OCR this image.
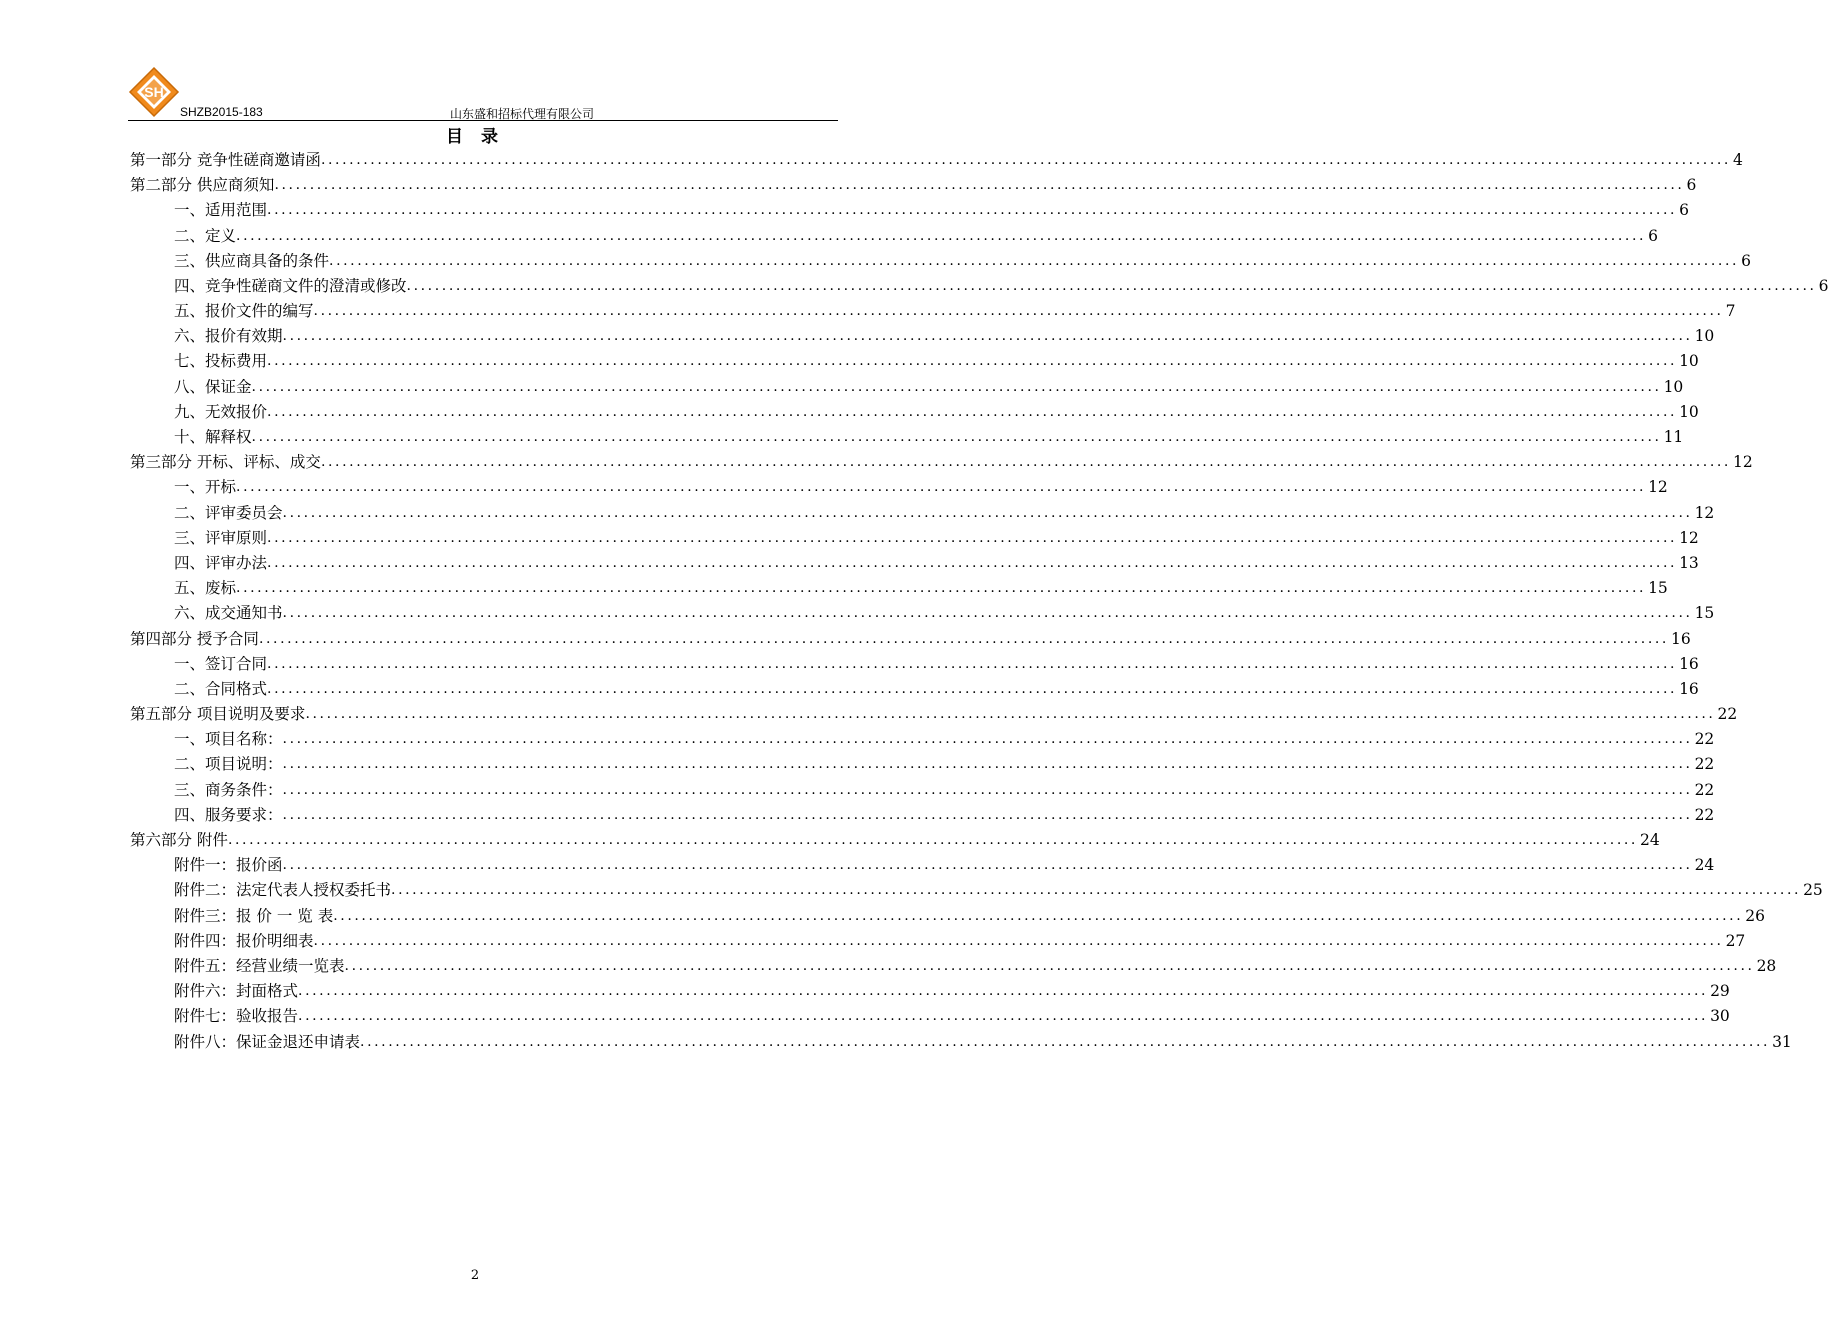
SH
SHZB2015-183	山东盛和招标代理有限公司
目 录
第一部分 竞争性磋商邀请函 ........................................................................................................................................................................................................ 4
第二部分 供应商须知 ........................................................................................................................................................................................................ 6
一、适用范围 ........................................................................................................................................................................................................ 6
二、定义 ........................................................................................................................................................................................................ 6
三、供应商具备的条件 ........................................................................................................................................................................................................ 6
四、竞争性磋商文件的澄清或修改 ........................................................................................................................................................................................................ 6
五、报价文件的编写 ........................................................................................................................................................................................................ 7
六、报价有效期 ........................................................................................................................................................................................................ 10
七、投标费用 ........................................................................................................................................................................................................ 10
八、保证金 ........................................................................................................................................................................................................ 10
九、无效报价 ........................................................................................................................................................................................................ 10
十、解释权 ........................................................................................................................................................................................................ 11
第三部分 开标、评标、成交 ........................................................................................................................................................................................................ 12
一、开标 ........................................................................................................................................................................................................ 12
二、评审委员会 ........................................................................................................................................................................................................ 12
三、评审原则 ........................................................................................................................................................................................................ 12
四、评审办法 ........................................................................................................................................................................................................ 13
五、废标 ........................................................................................................................................................................................................ 15
六、成交通知书 ........................................................................................................................................................................................................ 15
第四部分 授予合同 ........................................................................................................................................................................................................ 16
一、签订合同 ........................................................................................................................................................................................................ 16
二、合同格式 ........................................................................................................................................................................................................ 16
第五部分 项目说明及要求 ........................................................................................................................................................................................................ 22
一、项目名称： ........................................................................................................................................................................................................ 22
二、项目说明： ........................................................................................................................................................................................................ 22
三、商务条件： ........................................................................................................................................................................................................ 22
四、服务要求： ........................................................................................................................................................................................................ 22
第六部分 附件 ........................................................................................................................................................................................................ 24
附件一：报价函 ........................................................................................................................................................................................................ 24
附件二：法定代表人授权委托书 ........................................................................................................................................................................................................ 25
附件三：报 价 一 览 表 ........................................................................................................................................................................................................ 26
附件四：报价明细表 ........................................................................................................................................................................................................ 27
附件五：经营业绩一览表 ........................................................................................................................................................................................................ 28
附件六：封面格式 ........................................................................................................................................................................................................ 29
附件七：验收报告 ........................................................................................................................................................................................................ 30
附件八：保证金退还申请表 ........................................................................................................................................................................................................ 31
2
